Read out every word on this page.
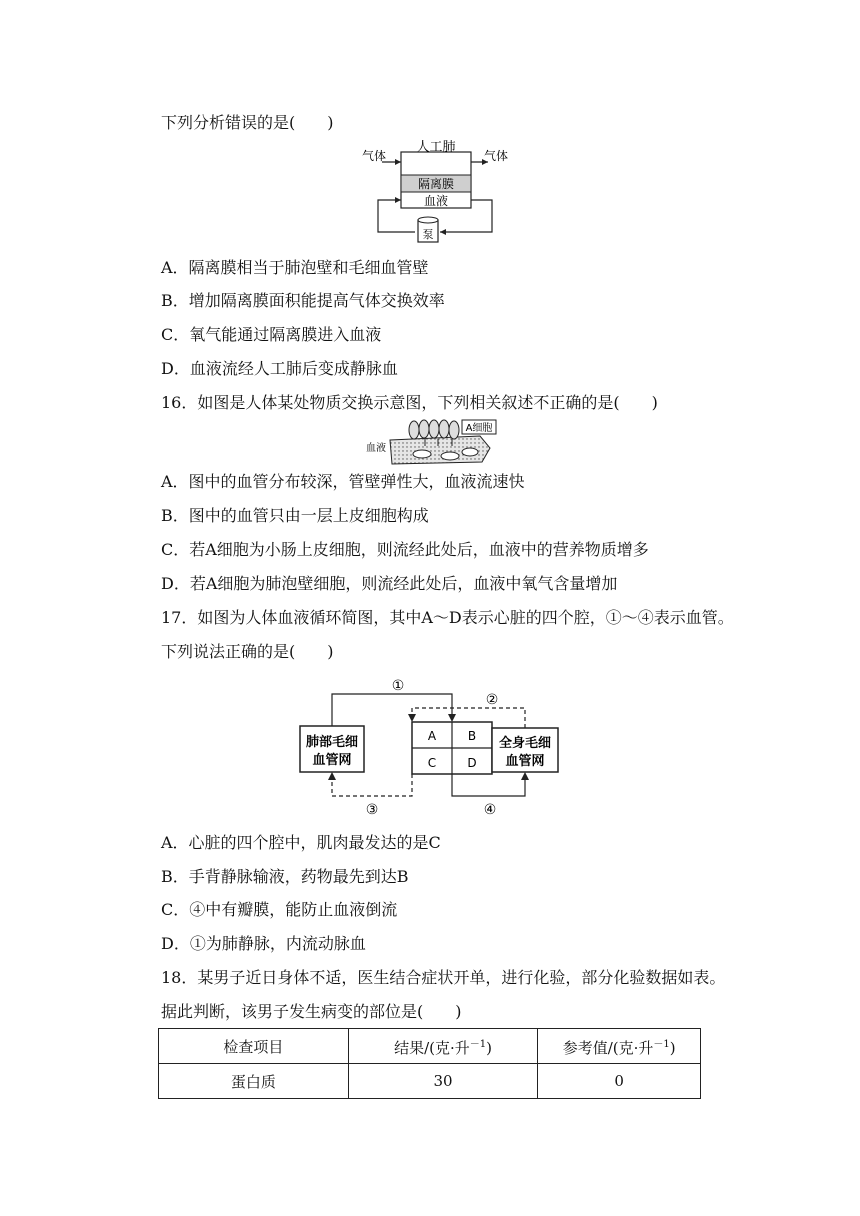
下列分析错误的是(　　)
人工肺
隔离膜
血液
气体	气体
泵
A．隔离膜相当于肺泡壁和毛细血管壁
B．增加隔离膜面积能提高气体交换效率
C．氧气能通过隔离膜进入血液
D．血液流经人工肺后变成静脉血
16．如图是人体某处物质交换示意图，下列相关叙述不正确的是(　　)
A细胞
血液
A．图中的血管分布较深，管壁弹性大，血液流速快
B．图中的血管只由一层上皮细胞构成
C．若A细胞为小肠上皮细胞，则流经此处后，血液中的营养物质增多
D．若A细胞为肺泡壁细胞，则流经此处后，血液中氧气含量增加
17．如图为人体血液循环简图，其中A～D表示心脏的四个腔，①～④表示血管。
下列说法正确的是(　　)
肺部毛细
血管网
A	B
C	D
全身毛细
血管网
①
②
③	④
A．心脏的四个腔中，肌肉最发达的是C
B．手背静脉输液，药物最先到达B
C．④中有瓣膜，能防止血液倒流
D．①为肺静脉，内流动脉血
18．某男子近日身体不适，医生结合症状开单，进行化验，部分化验数据如表。
据此判断，该男子发生病变的部位是(　　)
检查项目	结果/(克·升$^{-1}$)	参考值/(克·升$^{-1}$)
蛋白质	30	0
